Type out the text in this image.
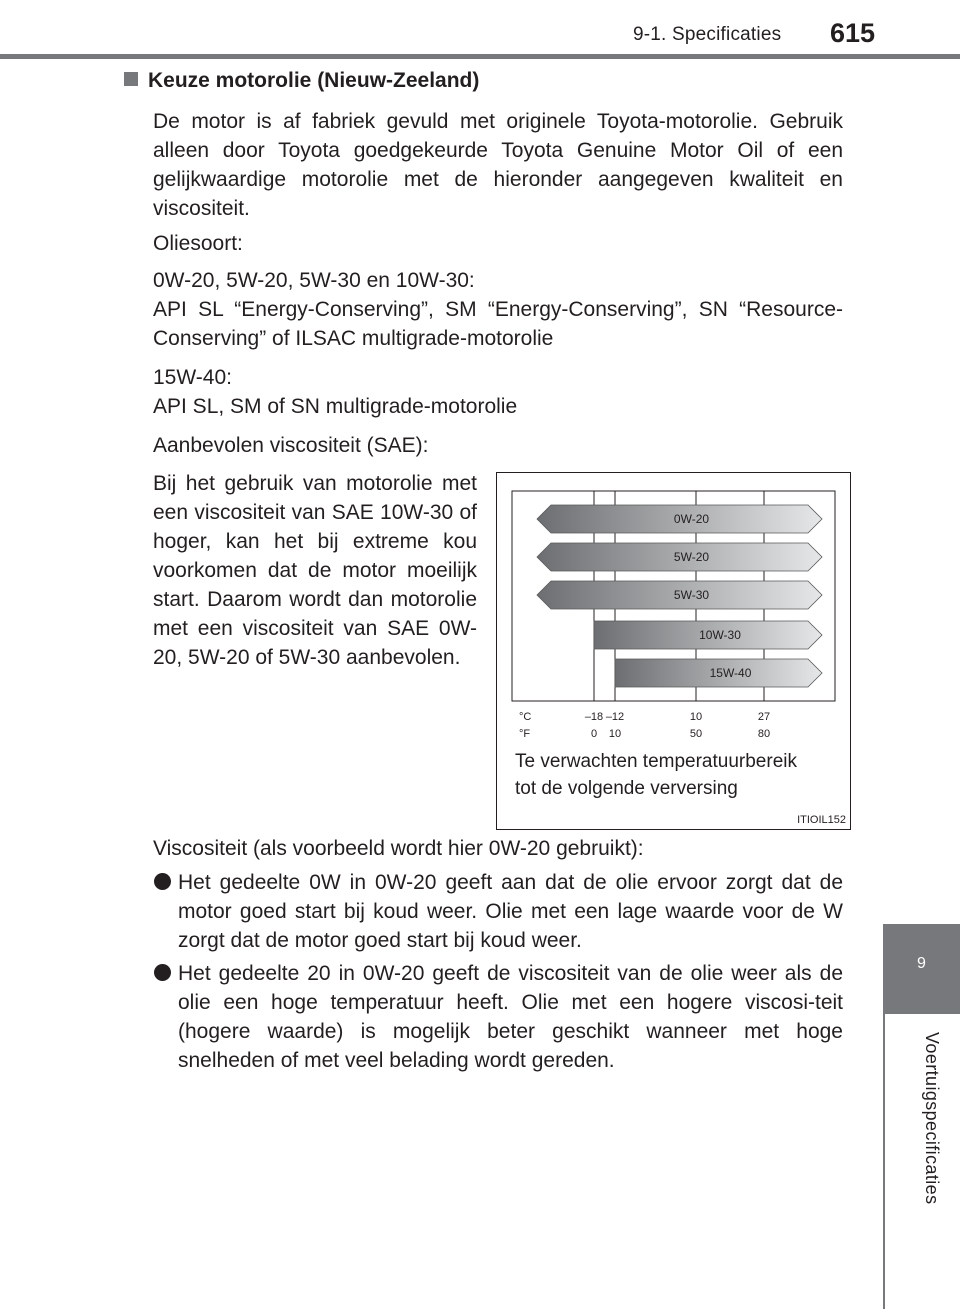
9-1. Specificaties 615
9
Voertuigspecificaties
Keuze motorolie (Nieuw-Zeeland)

De motor is af fabriek gevuld met originele Toyota-motorolie. Gebruik alleen door Toyota goedgekeurde Toyota Genuine Motor Oil of een gelijkwaardige motorolie met de hieronder aangegeven kwaliteit en viscositeit.

Oliesoort:

0W-20, 5W-20, 5W-30 en 10W-30:
API SL “Energy-Conserving”, SM “Energy-Conserving”, SN “Resource-Conserving” of ILSAC multigrade-motorolie
15W-40:
API SL, SM of SN multigrade-motorolie

Aanbevolen viscositeit (SAE):

Bij het gebruik van motorolie met een viscositeit van SAE 10W-30 of hoger, kan het bij extreme kou voorkomen dat de motor moeilijk start. Daarom wordt dan motorolie met een viscositeit van SAE 0W-20, 5W-20 of 5W-30 aanbevolen.

0W-20
5W-20
5W-30
10W-30
15W-40
°C
°F
–18 –12	10	27
0 10	50	80
Te verwachten temperatuurbereik
tot de volgende verversing
ITIOIL152

Viscositeit (als voorbeeld wordt hier 0W-20 gebruikt):

Het gedeelte 0W in 0W-20 geeft aan dat de olie ervoor zorgt dat de motor goed start bij koud weer. Olie met een lage waarde voor de W zorgt dat de motor goed start bij koud weer.
Het gedeelte 20 in 0W-20 geeft de viscositeit van de olie weer als de olie een hoge temperatuur heeft. Olie met een hogere viscosi-teit (hogere waarde) is mogelijk beter geschikt wanneer met hoge snelheden of met veel belading wordt gereden.
